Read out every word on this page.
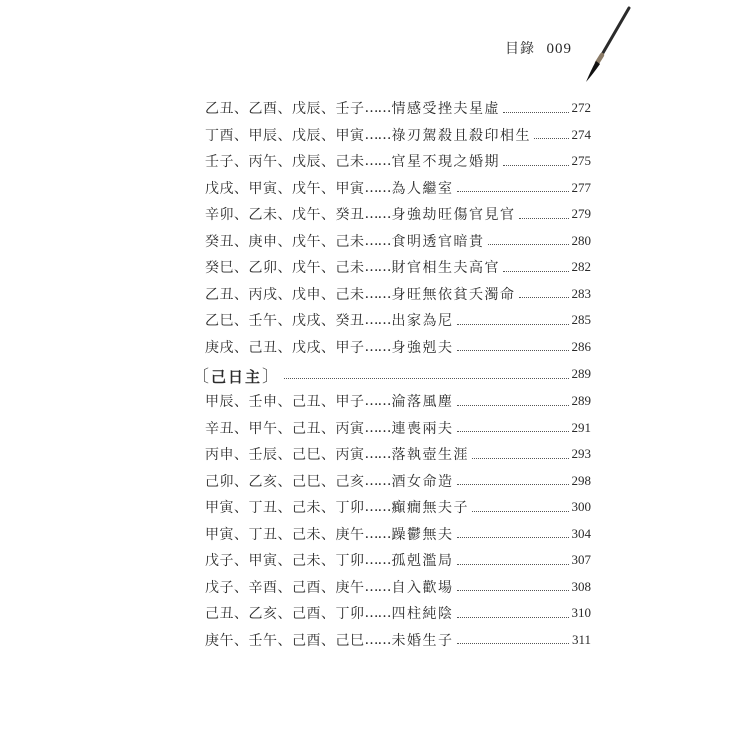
目錄 009
乙丑、乙酉、戊辰、壬子 …… 情感受挫夫星虛	272
丁酉、甲辰、戊辰、甲寅 …… 祿刃駕殺且殺印相生	274
壬子、丙午、戊辰、己未 …… 官星不現之婚期	275
戊戌、甲寅、戊午、甲寅 …… 為人繼室	277
辛卯、乙未、戊午、癸丑 …… 身強劫旺傷官見官	279
癸丑、庚申、戊午、己未 …… 食明透官暗貴	280
癸巳、乙卯、戊午、己未 …… 財官相生夫高官	282
乙丑、丙戌、戊申、己未 …… 身旺無依貧夭濁命	283
乙巳、壬午、戊戌、癸丑 …… 出家為尼	285
庚戌、己丑、戊戌、甲子 …… 身強剋夫	286
〔己日主〕	289
甲辰、壬申、己丑、甲子 …… 淪落風塵	289
辛丑、甲午、己丑、丙寅 …… 連喪兩夫	291
丙申、壬辰、己巳、丙寅 …… 落執壺生涯	293
己卯、乙亥、己巳、己亥 …… 酒女命造	298
甲寅、丁丑、己未、丁卯 …… 癲癇無夫子	300
甲寅、丁丑、己未、庚午 …… 躁鬱無夫	304
戊子、甲寅、己未、丁卯 …… 孤剋濫局	307
戊子、辛酉、己酉、庚午 …… 自入歡場	308
己丑、乙亥、己酉、丁卯 …… 四柱純陰	310
庚午、壬午、己酉、己巳 …… 未婚生子	311
